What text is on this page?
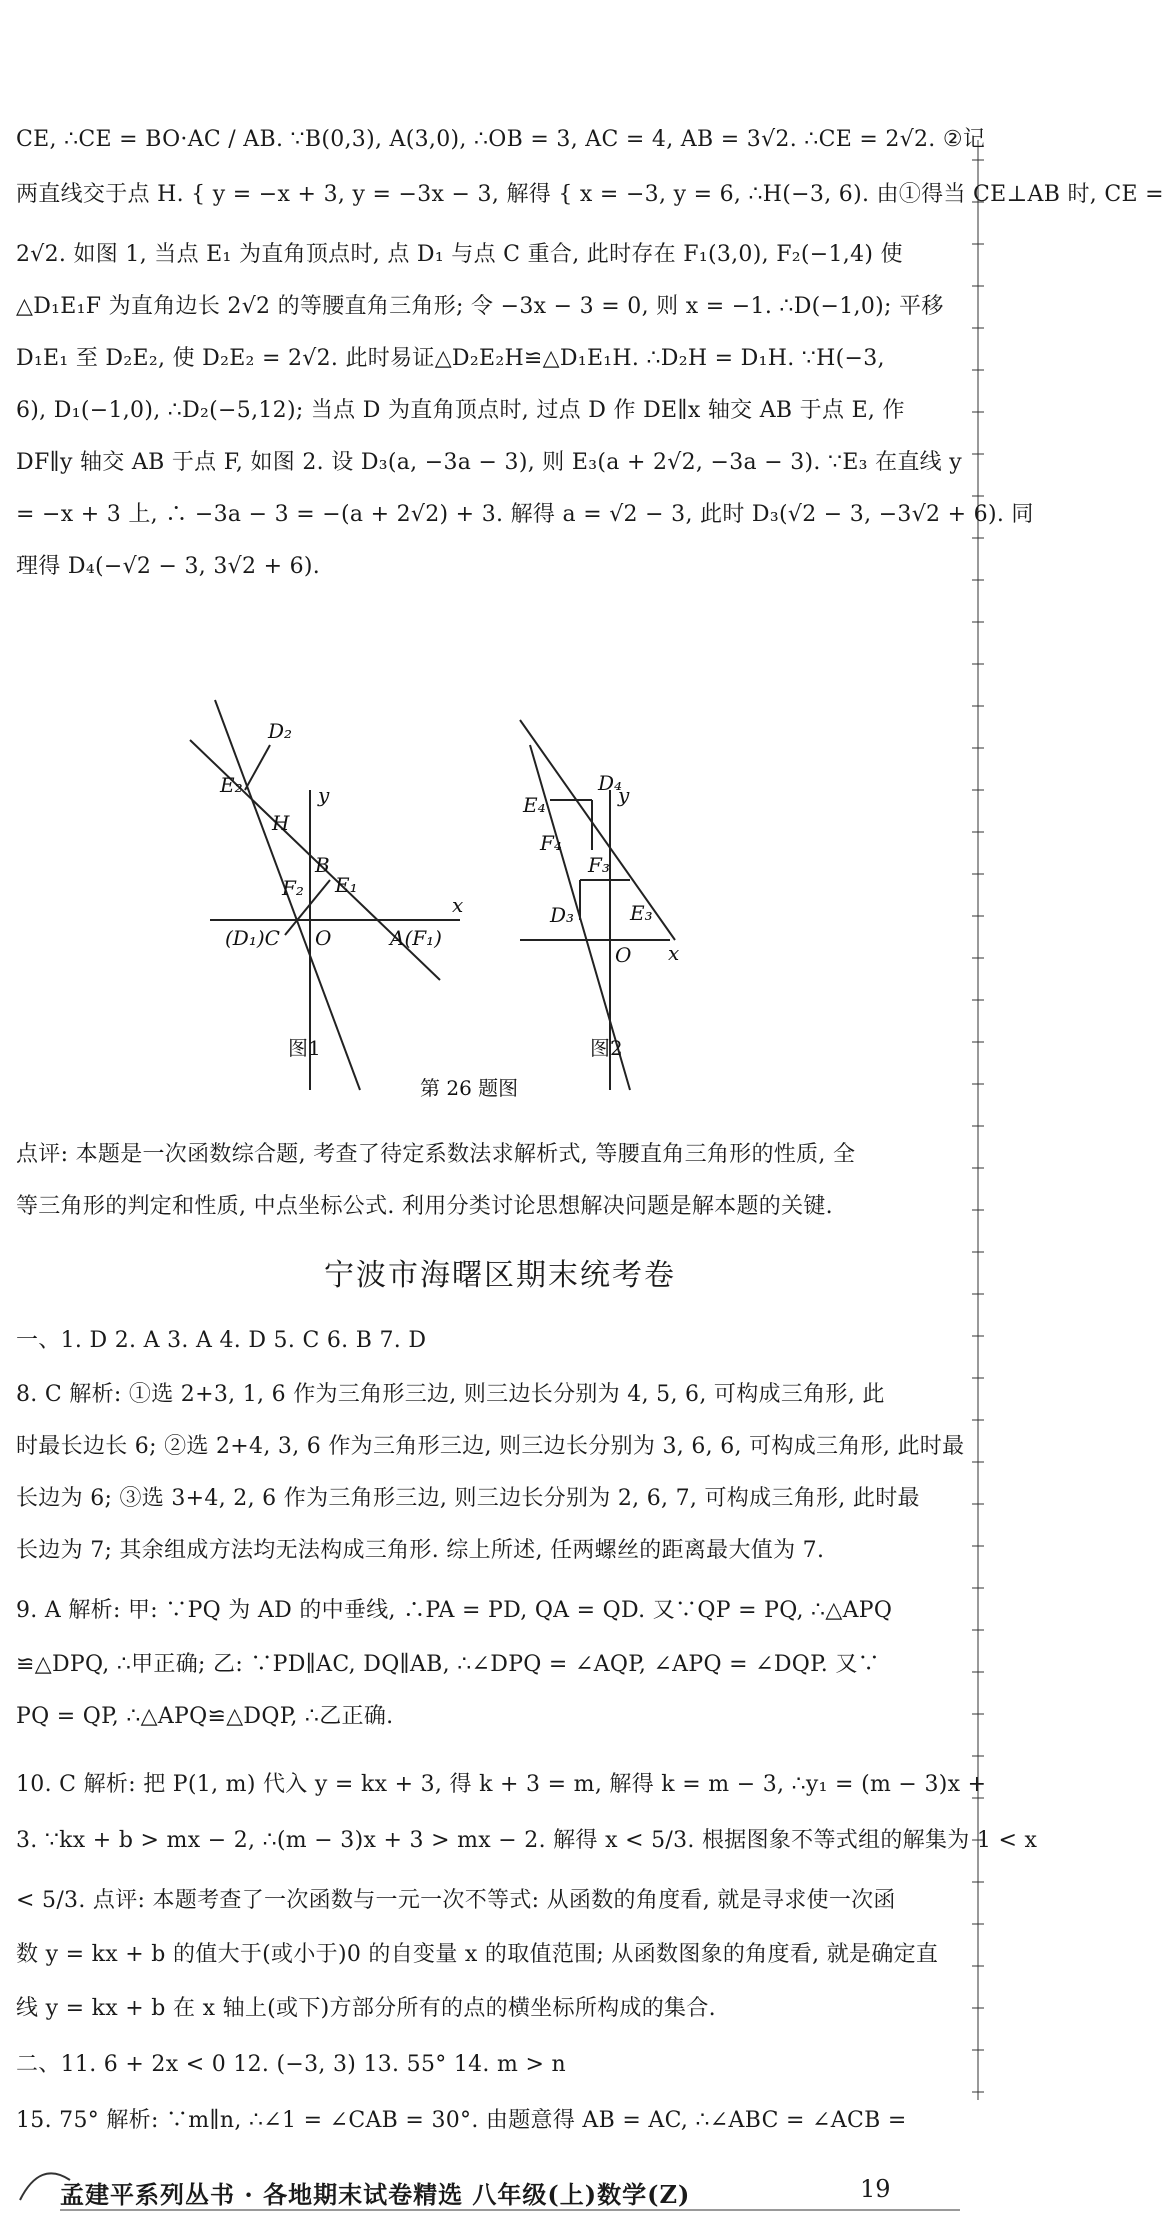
CE, ∴CE = BO·AC / AB. ∵B(0,3), A(3,0), ∴OB = 3, AC = 4, AB = 3√2. ∴CE = 2√2. ②记
两直线交于点 H. { y = −x + 3, y = −3x − 3, 解得 { x = −3, y = 6, ∴H(−3, 6). 由①得当 CE⊥AB 时, CE =
2√2. 如图 1, 当点 E₁ 为直角顶点时, 点 D₁ 与点 C 重合, 此时存在 F₁(3,0), F₂(−1,4) 使
△D₁E₁F 为直角边长 2√2 的等腰直角三角形; 令 −3x − 3 = 0, 则 x = −1. ∴D(−1,0); 平移
D₁E₁ 至 D₂E₂, 使 D₂E₂ = 2√2. 此时易证△D₂E₂H≌△D₁E₁H. ∴D₂H = D₁H. ∵H(−3,
6), D₁(−1,0), ∴D₂(−5,12); 当点 D 为直角顶点时, 过点 D 作 DE∥x 轴交 AB 于点 E, 作
DF∥y 轴交 AB 于点 F, 如图 2. 设 D₃(a, −3a − 3), 则 E₃(a + 2√2, −3a − 3). ∵E₃ 在直线 y
= −x + 3 上, ∴ −3a − 3 = −(a + 2√2) + 3. 解得 a = √2 − 3, 此时 D₃(√2 − 3, −3√2 + 6). 同
理得 D₄(−√2 − 3, 3√2 + 6).
D₂
E₂
H
y
B
F₂ E₁
(D₁)C O	A(F₁)
x
图1
D₄
E₄
F₄
y
F₃
D₃	E₃
O x
图2
第 26 题图
点评: 本题是一次函数综合题, 考查了待定系数法求解析式, 等腰直角三角形的性质, 全
等三角形的判定和性质, 中点坐标公式. 利用分类讨论思想解决问题是解本题的关键.
宁波市海曙区期末统考卷
一、1. D 2. A 3. A 4. D 5. C 6. B 7. D
8. C 解析: ①选 2+3, 1, 6 作为三角形三边, 则三边长分别为 4, 5, 6, 可构成三角形, 此
时最长边长 6; ②选 2+4, 3, 6 作为三角形三边, 则三边长分别为 3, 6, 6, 可构成三角形, 此时最
长边为 6; ③选 3+4, 2, 6 作为三角形三边, 则三边长分别为 2, 6, 7, 可构成三角形, 此时最
长边为 7; 其余组成方法均无法构成三角形. 综上所述, 任两螺丝的距离最大值为 7.
9. A 解析: 甲: ∵PQ 为 AD 的中垂线, ∴PA = PD, QA = QD. 又∵QP = PQ, ∴△APQ
≌△DPQ, ∴甲正确; 乙: ∵PD∥AC, DQ∥AB, ∴∠DPQ = ∠AQP, ∠APQ = ∠DQP. 又∵
PQ = QP, ∴△APQ≌△DQP, ∴乙正确.
10. C 解析: 把 P(1, m) 代入 y = kx + 3, 得 k + 3 = m, 解得 k = m − 3, ∴y₁ = (m − 3)x +
3. ∵kx + b > mx − 2, ∴(m − 3)x + 3 > mx − 2. 解得 x < 5/3. 根据图象不等式组的解集为 1 < x
< 5/3. 点评: 本题考查了一次函数与一元一次不等式: 从函数的角度看, 就是寻求使一次函
数 y = kx + b 的值大于(或小于)0 的自变量 x 的取值范围; 从函数图象的角度看, 就是确定直
线 y = kx + b 在 x 轴上(或下)方部分所有的点的横坐标所构成的集合.
二、11. 6 + 2x < 0 12. (−3, 3) 13. 55° 14. m > n
15. 75° 解析: ∵m∥n, ∴∠1 = ∠CAB = 30°. 由题意得 AB = AC, ∴∠ABC = ∠ACB =
孟建平系列丛书 · 各地期末试卷精选 八年级(上)数学(Z)	19
